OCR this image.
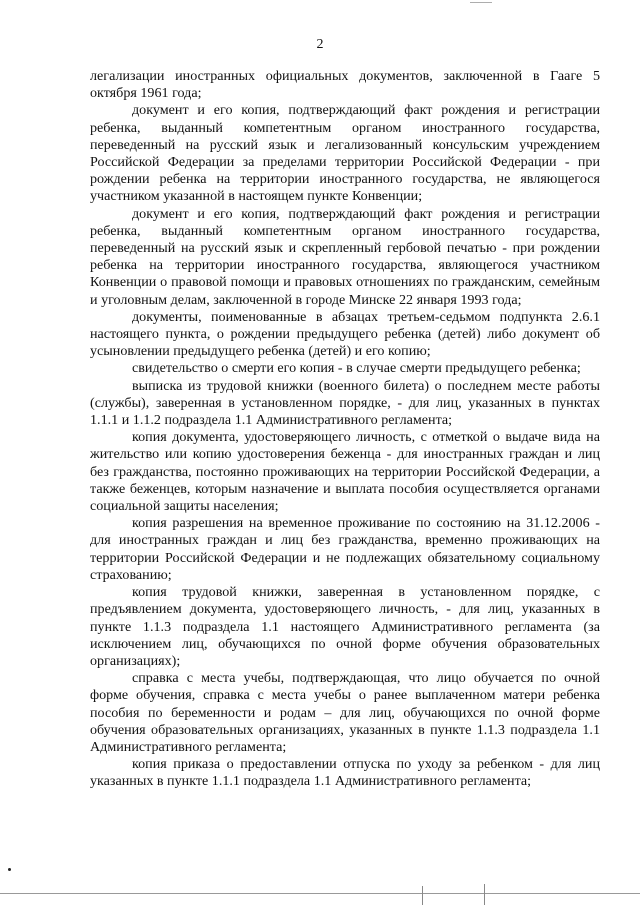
2

легализации иностранных официальных документов, заключенной в Гааге 5 октября 1961 года;

документ и его копия, подтверждающий факт рождения и регистрации ребенка, выданный компетентным органом иностранного государства, переведенный на русский язык и легализованный консульским учреждением Российской Федерации за пределами территории Российской Федерации - при рождении ребенка на территории иностранного государства, не являющегося участником указанной в настоящем пункте Конвенции;

документ и его копия, подтверждающий факт рождения и регистрации ребенка, выданный компетентным органом иностранного государства, переведенный на русский язык и скрепленный гербовой печатью - при рождении ребенка на территории иностранного государства, являющегося участником Конвенции о правовой помощи и правовых отношениях по гражданским, семейным и уголовным делам, заключенной в городе Минске 22 января 1993 года;

документы, поименованные в абзацах третьем-седьмом подпункта 2.6.1 настоящего пункта, о рождении предыдущего ребенка (детей) либо документ об усыновлении предыдущего ребенка (детей) и его копию;

свидетельство о смерти его копия - в случае смерти предыдущего ребенка;

выписка из трудовой книжки (военного билета) о последнем месте работы (службы), заверенная в установленном порядке, - для лиц, указанных в пунктах 1.1.1 и 1.1.2 подраздела 1.1 Административного регламента;

копия документа, удостоверяющего личность, с отметкой о выдаче вида на жительство или копию удостоверения беженца - для иностранных граждан и лиц без гражданства, постоянно проживающих на территории Российской Федерации, а также беженцев, которым назначение и выплата пособия осуществляется органами социальной защиты населения;

копия разрешения на временное проживание по состоянию на 31.12.2006 - для иностранных граждан и лиц без гражданства, временно проживающих на территории Российской Федерации и не подлежащих обязательному социальному страхованию;

копия трудовой книжки, заверенная в установленном порядке, с предъявлением документа, удостоверяющего личность, - для лиц, указанных в пункте 1.1.3 подраздела 1.1 настоящего Административного регламента (за исключением лиц, обучающихся по очной форме обучения образовательных организациях);

справка с места учебы, подтверждающая, что лицо обучается по очной форме обучения, справка с места учебы о ранее выплаченном матери ребенка пособия по беременности и родам – для лиц, обучающихся по очной форме обучения образовательных организациях, указанных в пункте 1.1.3 подраздела 1.1 Административного регламента;

копия приказа о предоставлении отпуска по уходу за ребенком - для лиц указанных в пункте 1.1.1 подраздела 1.1 Административного регламента;
